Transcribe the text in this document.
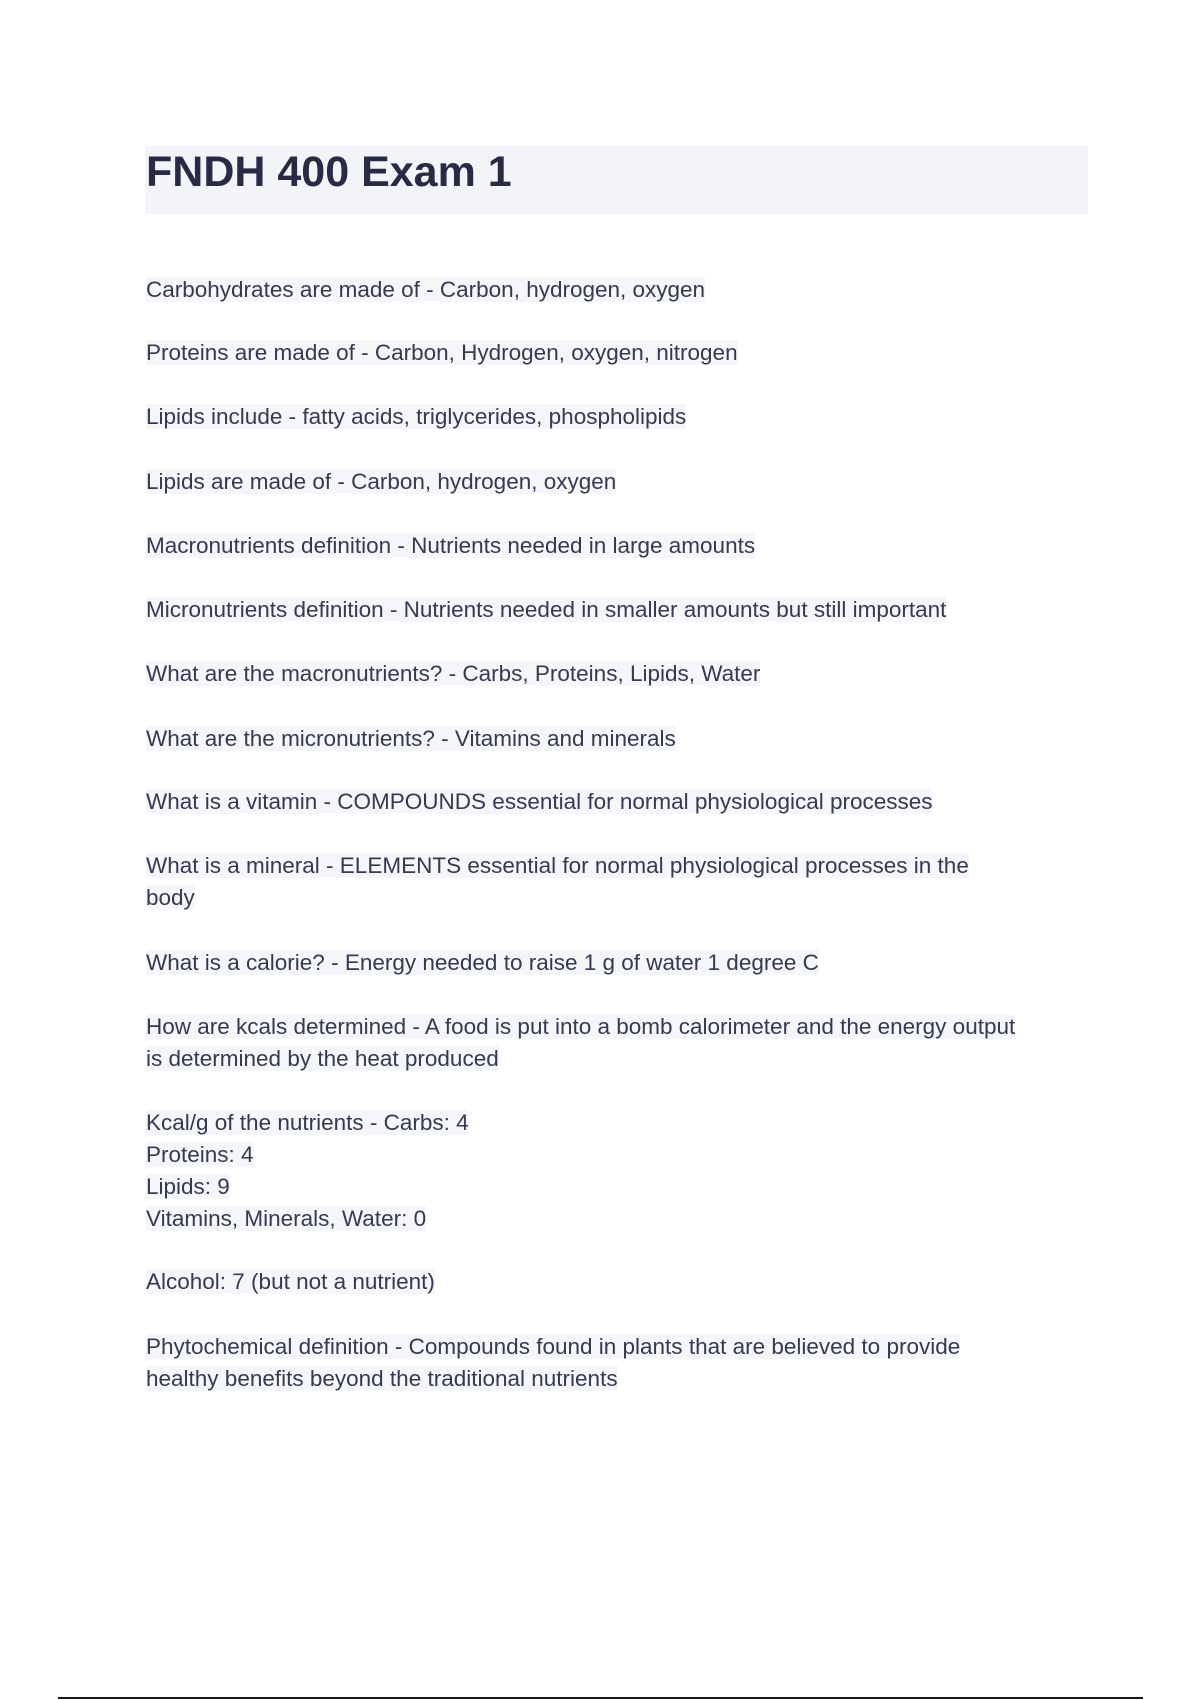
FNDH 400 Exam 1

Carbohydrates are made of - Carbon, hydrogen, oxygen

Proteins are made of - Carbon, Hydrogen, oxygen, nitrogen

Lipids include - fatty acids, triglycerides, phospholipids

Lipids are made of - Carbon, hydrogen, oxygen

Macronutrients definition - Nutrients needed in large amounts

Micronutrients definition - Nutrients needed in smaller amounts but still important

What are the macronutrients? - Carbs, Proteins, Lipids, Water

What are the micronutrients? - Vitamins and minerals

What is a vitamin - COMPOUNDS essential for normal physiological processes

What is a mineral - ELEMENTS essential for normal physiological processes in the
body

What is a calorie? - Energy needed to raise 1 g of water 1 degree C

How are kcals determined - A food is put into a bomb calorimeter and the energy output
is determined by the heat produced

Kcal/g of the nutrients - Carbs: 4
Proteins: 4
Lipids: 9
Vitamins, Minerals, Water: 0

Alcohol: 7 (but not a nutrient)

Phytochemical definition - Compounds found in plants that are believed to provide
healthy benefits beyond the traditional nutrients
